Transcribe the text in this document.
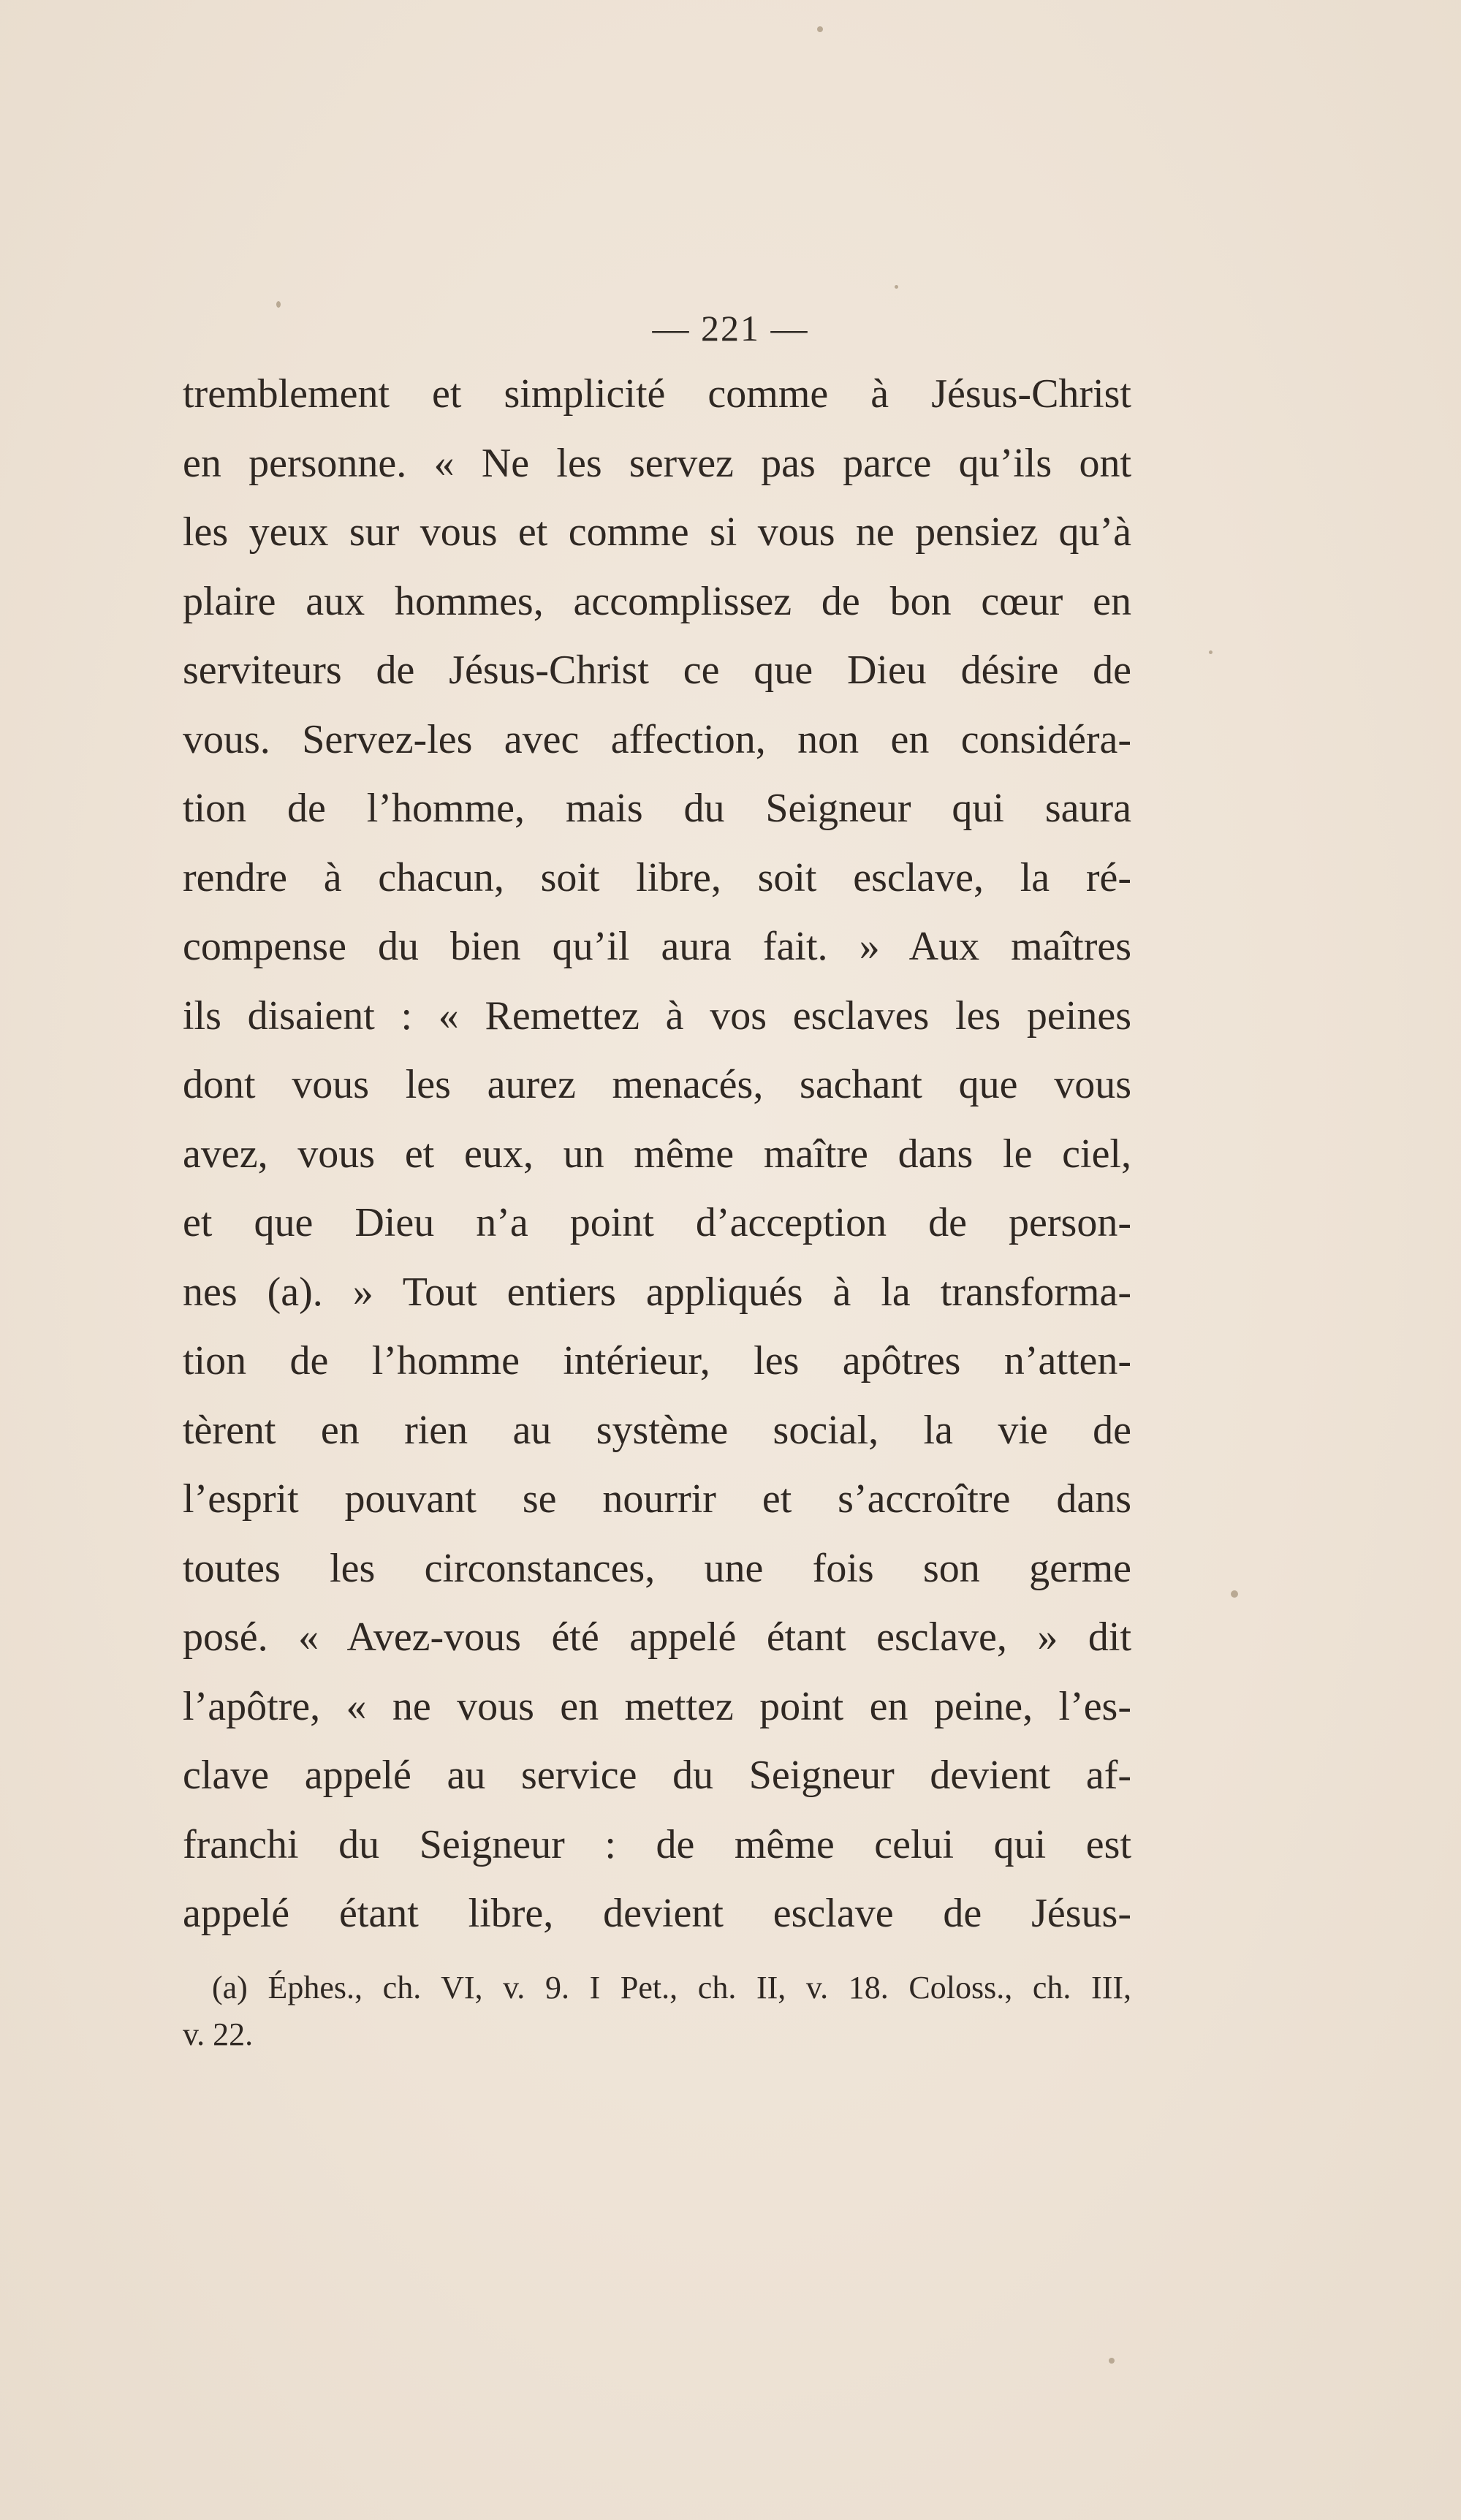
— 221 —
tremblement et simplicité comme à Jésus-Christ
en personne. « Ne les servez pas parce qu’ils ont
les yeux sur vous et comme si vous ne pensiez qu’à
plaire aux hommes, accomplissez de bon cœur en
serviteurs de Jésus-Christ ce que Dieu désire de
vous. Servez-les avec affection, non en considéra-
tion de l’homme, mais du Seigneur qui saura
rendre à chacun, soit libre, soit esclave, la ré-
compense du bien qu’il aura fait. » Aux maîtres
ils disaient : « Remettez à vos esclaves les peines
dont vous les aurez menacés, sachant que vous
avez, vous et eux, un même maître dans le ciel,
et que Dieu n’a point d’acception de person-
nes (a). » Tout entiers appliqués à la transforma-
tion de l’homme intérieur, les apôtres n’atten-
tèrent en rien au système social, la vie de
l’esprit pouvant se nourrir et s’accroître dans
toutes les circonstances, une fois son germe
posé. « Avez-vous été appelé étant esclave, » dit
l’apôtre, « ne vous en mettez point en peine, l’es-
clave appelé au service du Seigneur devient af-
franchi du Seigneur : de même celui qui est
appelé étant libre, devient esclave de Jésus-
(a) Éphes., ch. VI, v. 9. I Pet., ch. II, v. 18. Coloss., ch. III,
v. 22.
